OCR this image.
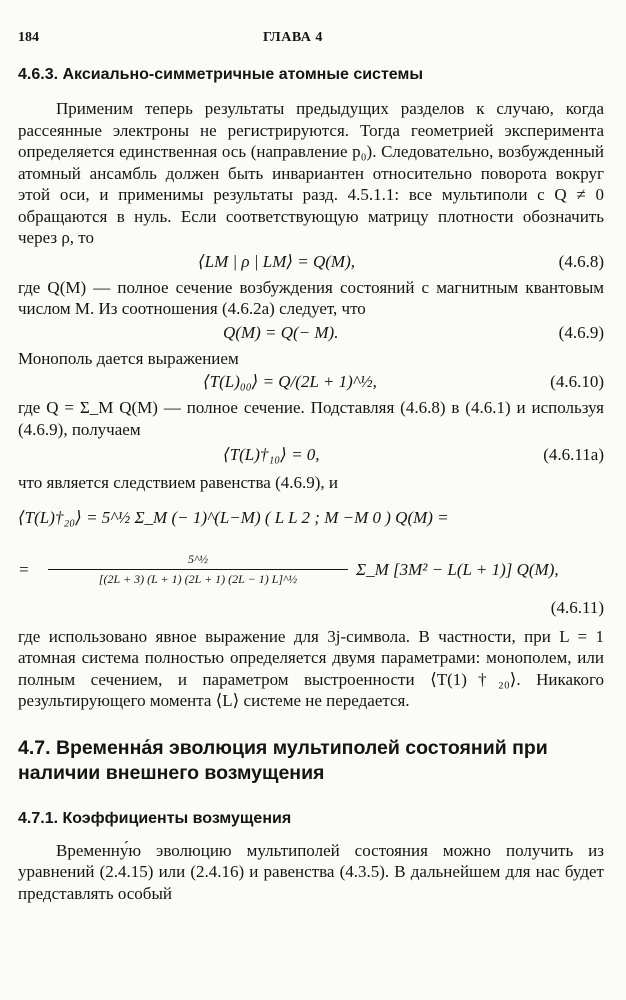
184	ГЛАВА 4
4.6.3. Аксиально-симметричные атомные системы

Применим теперь результаты предыдущих разделов к случаю, когда рассеянные электроны не регистрируются. Тогда геометрией эксперимента определяется единственная ось (направление p₀). Следовательно, возбужденный атомный ансамбль должен быть инвариантен относительно поворота вокруг этой оси, и применимы результаты разд. 4.5.1.1: все мультиполи с Q ≠ 0 обращаются в нуль. Если соответствующую матрицу плотности обозначить через ρ, то

⟨LM | ρ | LM⟩ = Q(M),	(4.6.8)

где Q(M) — полное сечение возбуждения состояний с магнитным квантовым числом M. Из соотношения (4.6.2а) следует, что

Q(M) = Q(− M).	(4.6.9)

Монополь дается выражением

⟨T(L)₀₀⟩ = Q/(2L + 1)^½,	(4.6.10)

где Q = Σ_M Q(M) — полное сечение. Подставляя (4.6.8) в (4.6.1) и используя (4.6.9), получаем

⟨T(L)†₁₀⟩ = 0,	(4.6.11а)

что является следствием равенства (4.6.9), и

⟨T(L)†₂₀⟩ = 5^½ Σ_M (− 1)^(L−M) ( L L 2 ; M −M 0 ) Q(M) =
= $\frac{\text{5\textasciicircum{}½}}{\text{[(2L + 3) (L + 1) (2L + 1) (2L − 1) L]\textasciicircum{}½}}$ Σ_M [3M² − L(L + 1)] Q(M),
(4.6.11)

где использовано явное выражение для 3j-символа. В частности, при L = 1 атомная система полностью определяется двумя параметрами: монополем, или полным сечением, и параметром выстроенности ⟨T(1)†₂₀⟩. Никакого результирующего момента ⟨L⟩ системе не передается.

4.7. Временна́я эволюция мультиполей состояний при наличии внешнего возмущения
4.7.1. Коэффициенты возмущения

Временну́ю эволюцию мультиполей состояния можно получить из уравнений (2.4.15) или (2.4.16) и равенства (4.3.5). В дальнейшем для нас будет представлять особый
